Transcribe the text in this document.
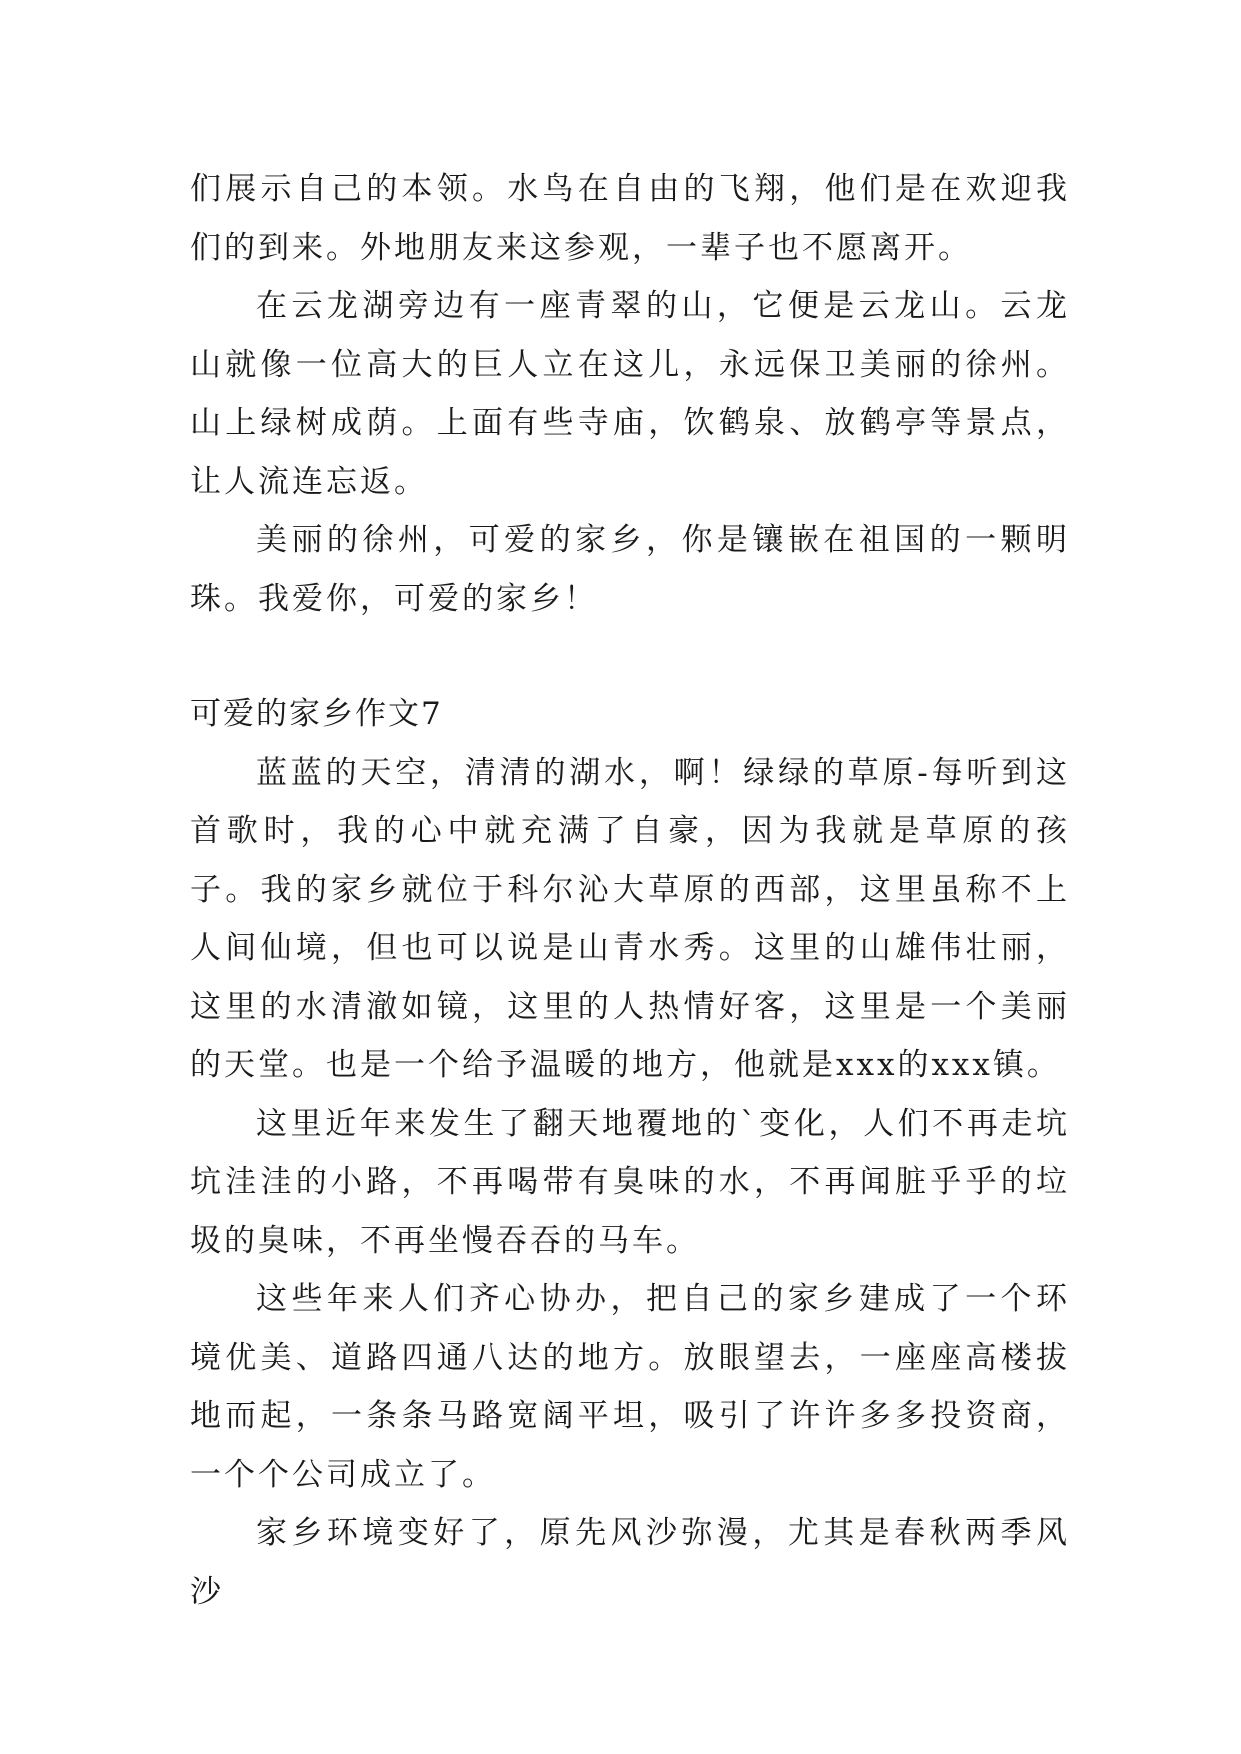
们展示自己的本领。水鸟在自由的飞翔，他们是在欢迎我们的到来。外地朋友来这参观，一辈子也不愿离开。

在云龙湖旁边有一座青翠的山，它便是云龙山。云龙山就像一位高大的巨人立在这儿，永远保卫美丽的徐州。山上绿树成荫。上面有些寺庙，饮鹤泉、放鹤亭等景点，让人流连忘返。

美丽的徐州，可爱的家乡，你是镶嵌在祖国的一颗明珠。我爱你，可爱的家乡！

可爱的家乡作文7

蓝蓝的天空，清清的湖水，啊！绿绿的草原-每听到这首歌时，我的心中就充满了自豪，因为我就是草原的孩子。我的家乡就位于科尔沁大草原的西部，这里虽称不上人间仙境，但也可以说是山青水秀。这里的山雄伟壮丽，这里的水清澈如镜，这里的人热情好客，这里是一个美丽的天堂。也是一个给予温暖的地方，他就是xxx的xxx镇。

这里近年来发生了翻天地覆地的`变化，人们不再走坑坑洼洼的小路，不再喝带有臭味的水，不再闻脏乎乎的垃圾的臭味，不再坐慢吞吞的马车。

这些年来人们齐心协办，把自己的家乡建成了一个环境优美、道路四通八达的地方。放眼望去，一座座高楼拔地而起，一条条马路宽阔平坦，吸引了许许多多投资商，一个个公司成立了。

家乡环境变好了，原先风沙弥漫，尤其是春秋两季风沙
